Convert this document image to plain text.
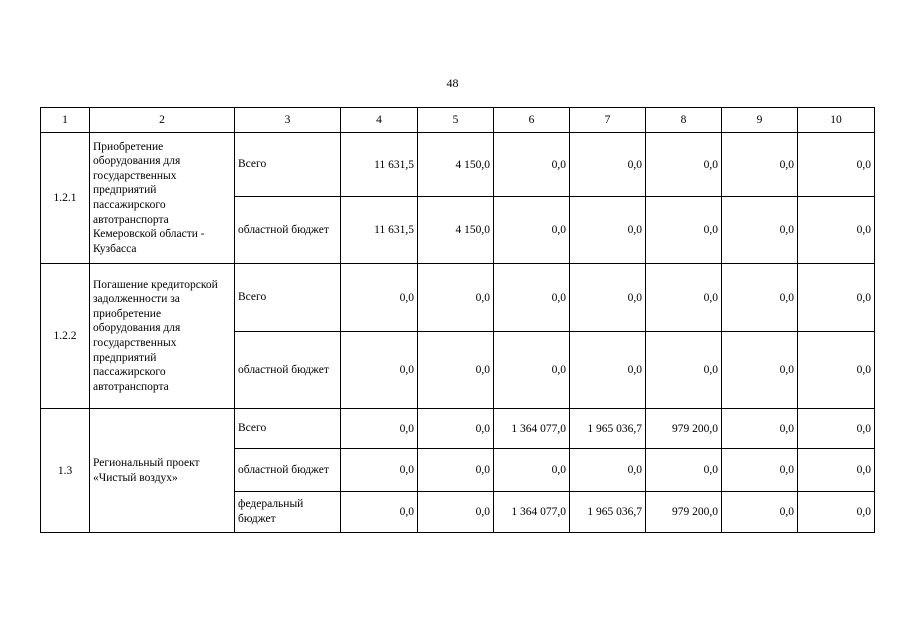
48
1	2	3	4	5	6	7	8	9	10
1.2.1	Приобретение оборудования для государственных предприятий пассажирского автотранспорта Кемеровской области - Кузбасса	Всего	11 631,5	4 150,0	0,0	0,0	0,0	0,0	0,0
		областной бюджет	11 631,5	4 150,0	0,0	0,0	0,0	0,0	0,0
1.2.2	Погашение кредиторской задолженности за приобретение оборудования для государственных предприятий пассажирского автотранспорта	Всего	0,0	0,0	0,0	0,0	0,0	0,0	0,0
		областной бюджет	0,0	0,0	0,0	0,0	0,0	0,0	0,0
1.3	Региональный проект «Чистый воздух»	Всего	0,0	0,0	1 364 077,0	1 965 036,7	979 200,0	0,0	0,0
		областной бюджет	0,0	0,0	0,0	0,0	0,0	0,0	0,0
		федеральный бюджет	0,0	0,0	1 364 077,0	1 965 036,7	979 200,0	0,0	0,0
